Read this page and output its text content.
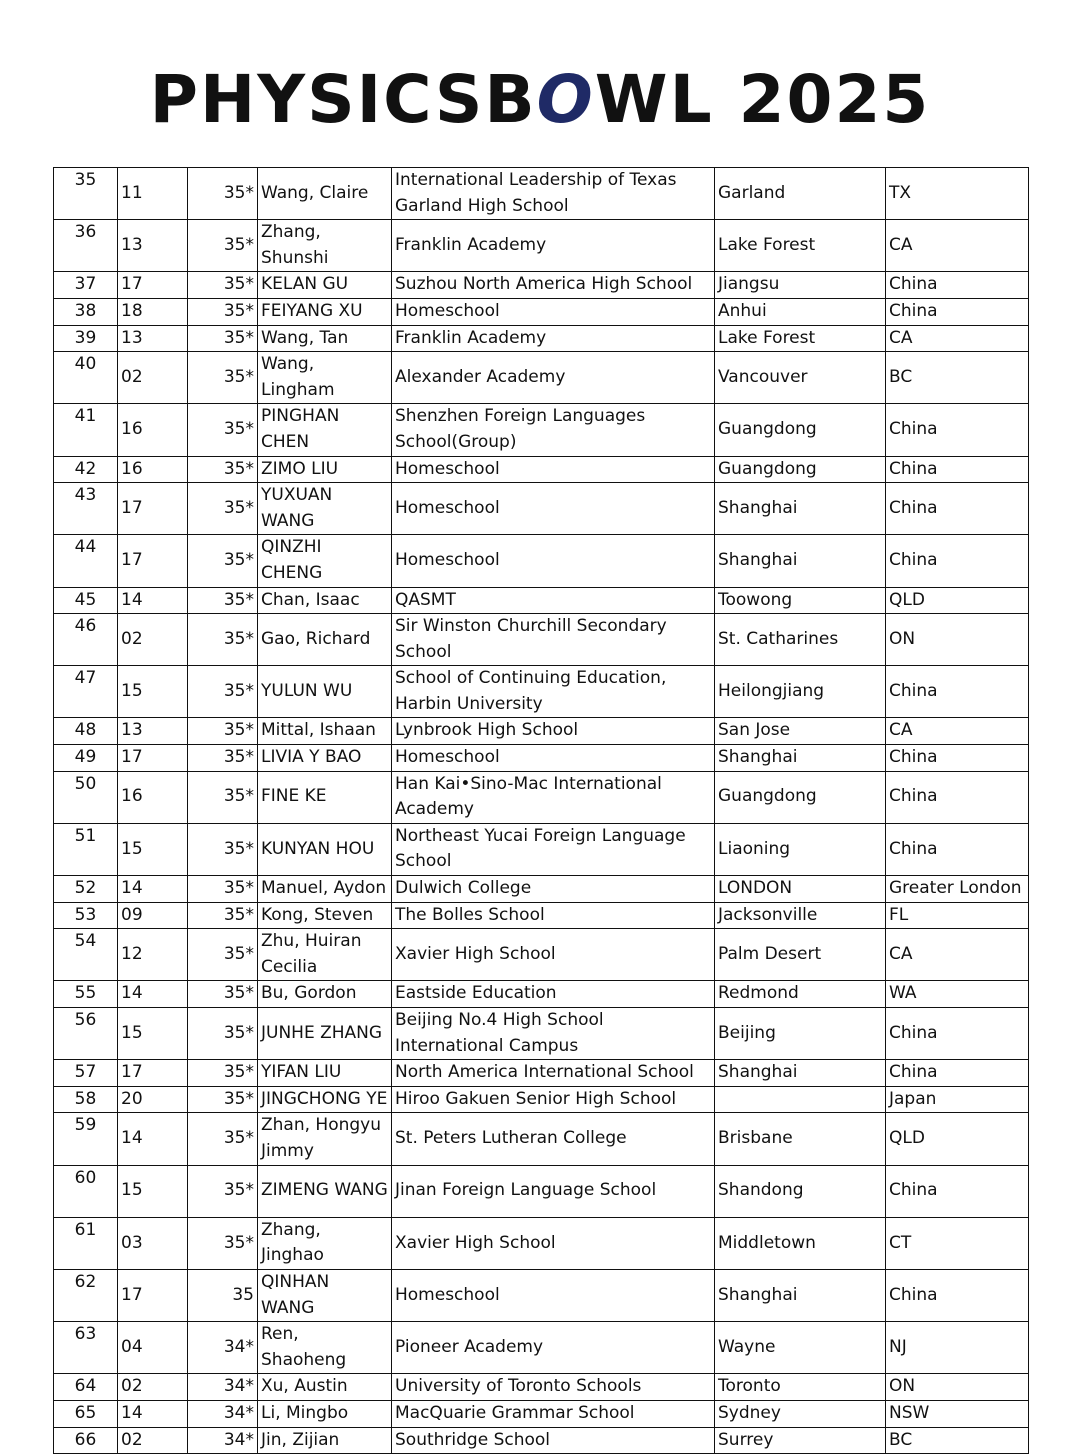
PHYSICSBOWL 2025
35	11	35*	Wang, Claire	International Leadership of Texas Garland High School	Garland	TX
36	13	35*	Zhang, Shunshi	Franklin Academy	Lake Forest	CA
37	17	35*	KELAN GU	Suzhou North America High School	Jiangsu	China
38	18	35*	FEIYANG XU	Homeschool	Anhui	China
39	13	35*	Wang, Tan	Franklin Academy	Lake Forest	CA
40	02	35*	Wang, Lingham	Alexander Academy	Vancouver	BC
41	16	35*	PINGHAN CHEN	Shenzhen Foreign Languages School(Group)	Guangdong	China
42	16	35*	ZIMO LIU	Homeschool	Guangdong	China
43	17	35*	YUXUAN WANG	Homeschool	Shanghai	China
44	17	35*	QINZHI CHENG	Homeschool	Shanghai	China
45	14	35*	Chan, Isaac	QASMT	Toowong	QLD
46	02	35*	Gao, Richard	Sir Winston Churchill Secondary School	St. Catharines	ON
47	15	35*	YULUN WU	School of Continuing Education, Harbin University	Heilongjiang	China
48	13	35*	Mittal, Ishaan	Lynbrook High School	San Jose	CA
49	17	35*	LIVIA Y BAO	Homeschool	Shanghai	China
50	16	35*	FINE KE	Han Kai•Sino-Mac International Academy	Guangdong	China
51	15	35*	KUNYAN HOU	Northeast Yucai Foreign Language School	Liaoning	China
52	14	35*	Manuel, Aydon	Dulwich College	LONDON	Greater London
53	09	35*	Kong, Steven	The Bolles School	Jacksonville	FL
54	12	35*	Zhu, Huiran Cecilia	Xavier High School	Palm Desert	CA
55	14	35*	Bu, Gordon	Eastside Education	Redmond	WA
56	15	35*	JUNHE ZHANG	Beijing No.4 High School International Campus	Beijing	China
57	17	35*	YIFAN LIU	North America International School	Shanghai	China
58	20	35*	JINGCHONG YE	Hiroo Gakuen Senior High School		Japan
59	14	35*	Zhan, Hongyu Jimmy	St. Peters Lutheran College	Brisbane	QLD
60	15	35*	ZIMENG WANG	Jinan Foreign Language School	Shandong	China
61	03	35*	Zhang, Jinghao	Xavier High School	Middletown	CT
62	17	35	QINHAN WANG	Homeschool	Shanghai	China
63	04	34*	Ren, Shaoheng	Pioneer Academy	Wayne	NJ
64	02	34*	Xu, Austin	University of Toronto Schools	Toronto	ON
65	14	34*	Li, Mingbo	MacQuarie Grammar School	Sydney	NSW
66	02	34*	Jin, Zijian	Southridge School	Surrey	BC
